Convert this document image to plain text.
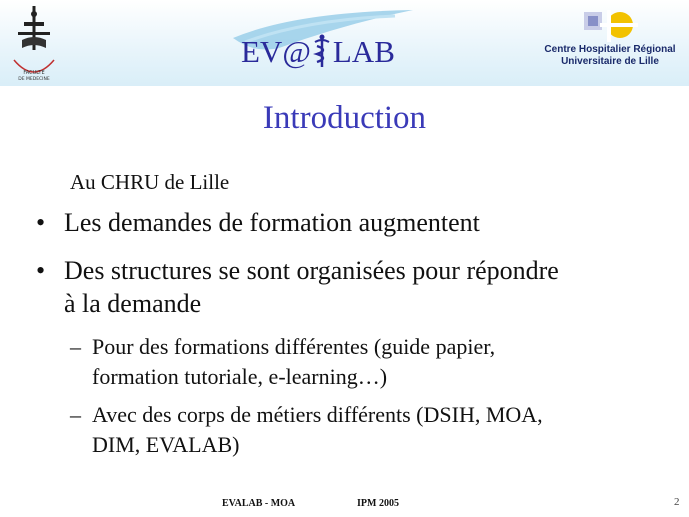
FACULTE
DE MEDECINE
EV@ LAB	Centre Hospitalier Régional
Universitaire de Lille
Introduction
Au CHRU de Lille
• Les demandes de formation augmentent
• Des structures se sont organisées pour répondre
à la demande
– Pour des formations différentes (guide papier,
formation tutoriale, e-learning…)
– Avec des corps de métiers différents (DSIH, MOA,
DIM, EVALAB)
EVALAB - MOA	IPM 2005	2
